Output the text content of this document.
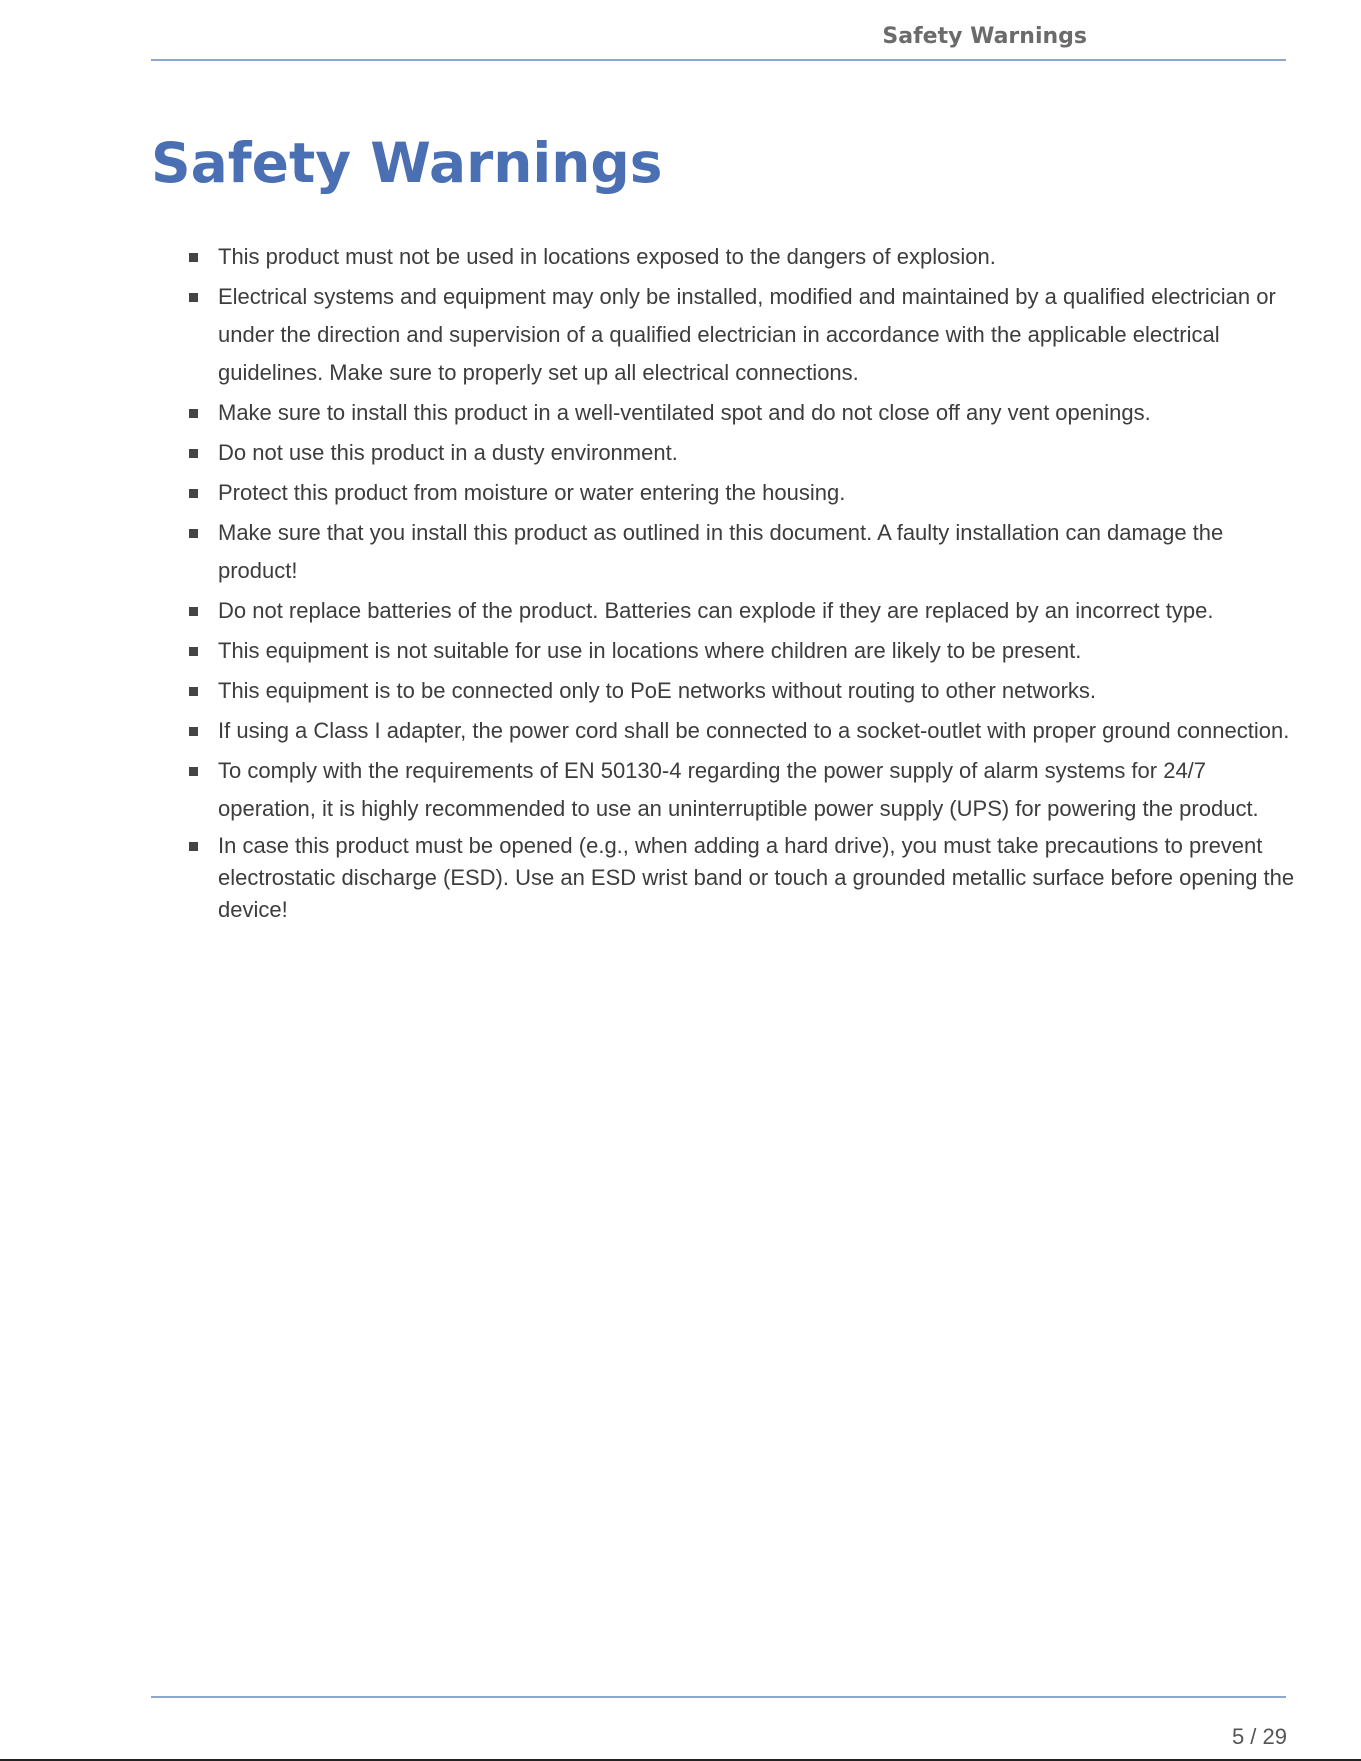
Safety Warnings
Safety Warnings
This product must not be used in locations exposed to the dangers of explosion.
Electrical systems and equipment may only be installed, modified and maintained by a qualified electrician or under the direction and supervision of a qualified electrician in accordance with the applicable electrical guidelines. Make sure to properly set up all electrical connections.
Make sure to install this product in a well-ventilated spot and do not close off any vent openings.
Do not use this product in a dusty environment.
Protect this product from moisture or water entering the housing.
Make sure that you install this product as outlined in this document. A faulty installation can damage the product!
Do not replace batteries of the product. Batteries can explode if they are replaced by an incorrect type.
This equipment is not suitable for use in locations where children are likely to be present.
This equipment is to be connected only to PoE networks without routing to other networks.
If using a Class I adapter, the power cord shall be connected to a socket-outlet with proper ground connection.
To comply with the requirements of EN 50130-4 regarding the power supply of alarm systems for 24/7 operation, it is highly recommended to use an uninterruptible power supply (UPS) for powering the product.
In case this product must be opened (e.g., when adding a hard drive), you must take precautions to prevent electrostatic discharge (ESD). Use an ESD wrist band or touch a grounded metallic surface before opening the device!
5 / 29
